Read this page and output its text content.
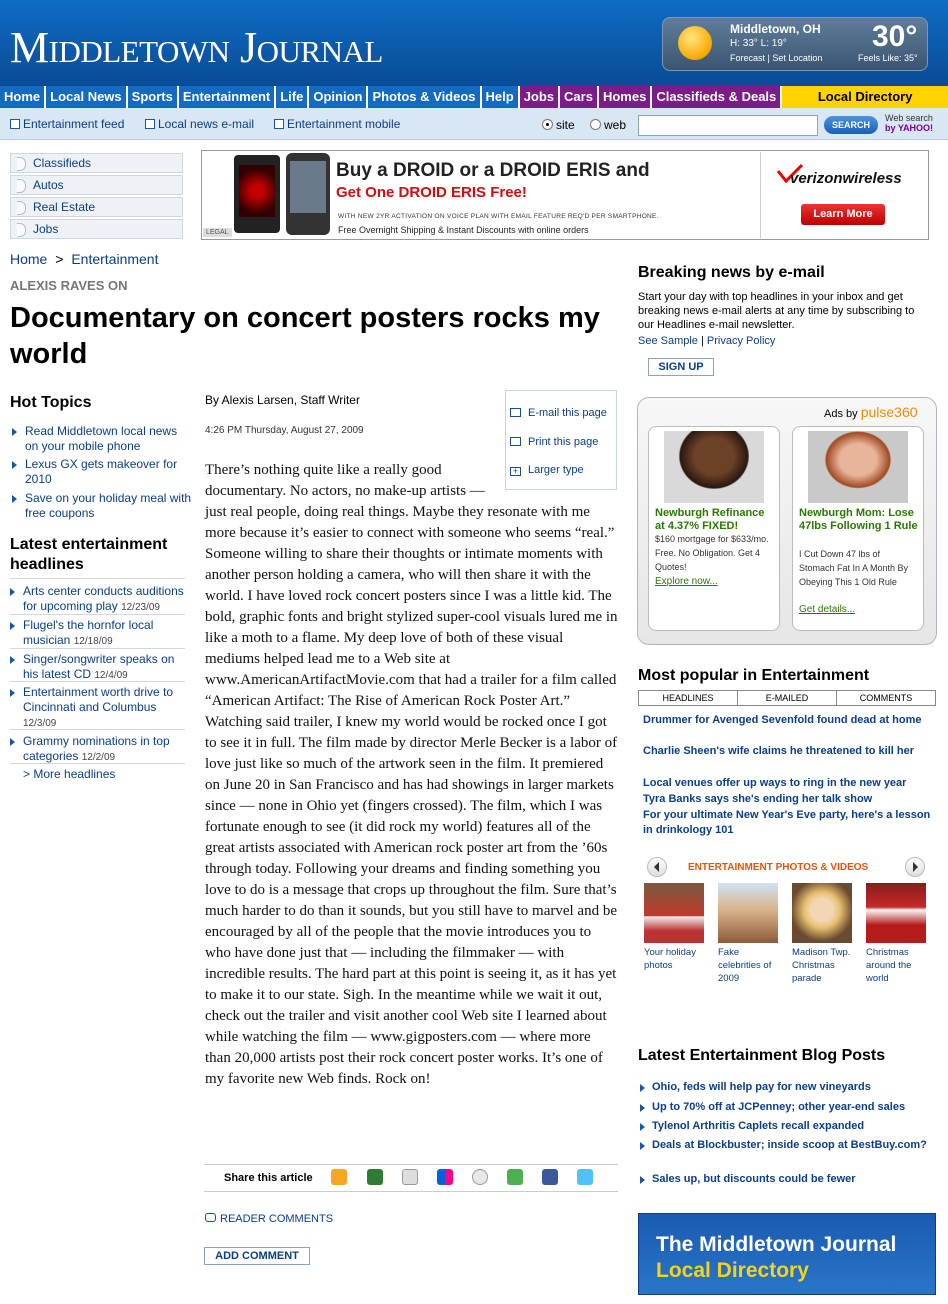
Middletown Journal	Middletown, OH
H: 33° L: 19°
Forecast | Set Location
30°
Feels Like: 35°
Home Local News Sports Entertainment Life Opinion Photos & Videos Help Jobs Cars Homes Classifieds & Deals	Local Directory
Entertainment feed	Local news e-mail	Entertainment mobile	site	web	SEARCH
Web search
by YAHOO!
Classifieds
Autos
Real Estate
Jobs	LEGAL
Buy a DROID or a DROID ERIS and
Get One DROID ERIS Free!
WITH NEW 2YR ACTIVATION ON VOICE PLAN WITH EMAIL FEATURE REQ'D PER SMARTPHONE.
Free Overnight Shipping & Instant Discounts with online orders
verizonwireless
Learn More
Home > Entertainment
ALEXIS RAVES ON
Documentary on concert posters rocks my world
Hot Topics
Read Middletown local news on your mobile phone
Lexus GX gets makeover for 2010
Save on your holiday meal with free coupons
Latest entertainment headlines
Arts center conducts auditions for upcoming play 12/23/09
Flugel's the hornfor local musician 12/18/09
Singer/songwriter speaks on his latest CD 12/4/09
Entertainment worth drive to Cincinnati and Columbus 12/3/09
Grammy nominations in top categories 12/2/09
> More headlines
By Alexis Larsen, Staff Writer
4:26 PM Thursday, August 27, 2009
E-mail this page
Print this page
+ Larger type
There’s nothing quite like a really good documentary. No actors, no make-up artists — just real people, doing real things. Maybe they resonate with me more because it’s easier to connect with someone who seems “real.” Someone willing to share their thoughts or intimate moments with another person holding a camera, who will then share it with the world. I have loved rock concert posters since I was a little kid. The bold, graphic fonts and bright stylized super-cool visuals lured me in like a moth to a flame. My deep love of both of these visual mediums helped lead me to a Web site at www.AmericanArtifactMovie.com that had a trailer for a film called “American Artifact: The Rise of American Rock Poster Art.” Watching said trailer, I knew my world would be rocked once I got to see it in full. The film made by director Merle Becker is a labor of love just like so much of the artwork seen in the film. It premiered on June 20 in San Francisco and has had showings in larger markets since — none in Ohio yet (fingers crossed). The film, which I was fortunate enough to see (it did rock my world) features all of the great artists associated with American rock poster art from the ’60s through today. Following your dreams and finding something you love to do is a message that crops up throughout the film. Sure that’s much harder to do than it sounds, but you still have to marvel and be encouraged by all of the people that the movie introduces you to who have done just that — including the filmmaker — with incredible results. The hard part at this point is seeing it, as it has yet to make it to our state. Sigh. In the meantime while we wait it out, check out the trailer and visit another cool Web site I learned about while watching the film — www.gigposters.com — where more than 20,000 artists post their rock concert poster works. It’s one of my favorite new Web finds. Rock on!
Share this article
READER COMMENTS
ADD COMMENT
Breaking news by e-mail
Start your day with top headlines in your inbox and get breaking news e-mail alerts at any time by subscribing to our Headlines e-mail newsletter.
See Sample | Privacy Policy
SIGN UP
Ads by pulse360
Newburgh Refinance at 4.37% FIXED!
$160 mortgage for $633/mo. Free. No Obligation. Get 4 Quotes!
Explore now...
Newburgh Mom: Lose 47lbs Following 1 Rule
I Cut Down 47 lbs of Stomach Fat In A Month By Obeying This 1 Old Rule
Get details...
Most popular in Entertainment
HEADLINES	E-MAILED	COMMENTS
Drummer for Avenged Sevenfold found dead at home
Charlie Sheen's wife claims he threatened to kill her
Local venues offer up ways to ring in the new year
Tyra Banks says she's ending her talk show
For your ultimate New Year's Eve party, here's a lesson in drinkology 101
ENTERTAINMENT PHOTOS & VIDEOS
Your holiday photos
Fake celebrities of 2009
Madison Twp. Christmas parade
Christmas around the world
Latest Entertainment Blog Posts
Ohio, feds will help pay for new vineyards
Up to 70% off at JCPenney; other year-end sales
Tylenol Arthritis Caplets recall expanded
Deals at Blockbuster; inside scoop at BestBuy.com?
Sales up, but discounts could be fewer
The Middletown Journal
Local Directory
